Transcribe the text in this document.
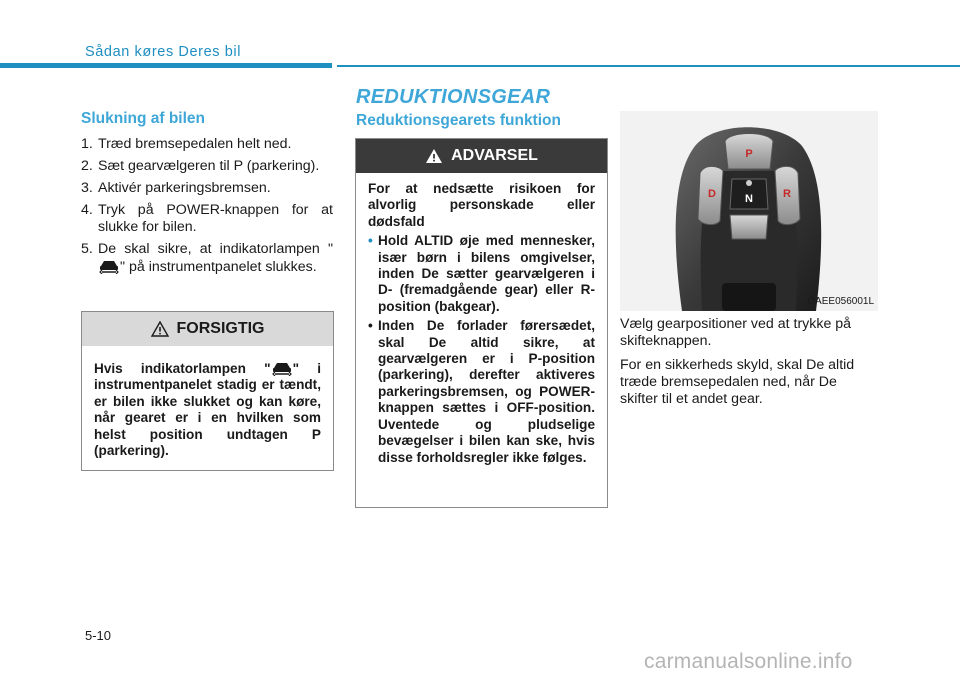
Sådan køres Deres bil
REDUKTIONSGEAR
Slukning af bilen
1. Træd bremsepedalen helt ned.
2. Sæt gearvælgeren til P (parkering).
3. Aktivér parkeringsbremsen.
4. Tryk på POWER-knappen for at slukke for bilen.
5. De skal sikre, at indikatorlampen "" på instrumentpanelet slukkes.
FORSIGTIG
Hvis indikatorlampen " " i instrumentpanelet stadig er tændt, er bilen ikke slukket og kan køre, når gearet er i en hvilken som helst position undtagen P (parkering).
Reduktionsgearets funktion
ADVARSEL
For at nedsætte risikoen for alvorlig personskade eller dødsfald
• Hold ALTID øje med mennesker, især børn i bilens omgivelser, inden De sætter gearvælgeren i D- (fremadgående gear) eller R-position (bakgear).
• Inden De forlader førersædet, skal De altid sikre, at gearvælgeren er i P-position (parkering), derefter aktiveres parkeringsbremsen, og POWER-knappen sættes i OFF-position. Uventede og pludselige bevægelser i bilen kan ske, hvis disse forholdsregler ikke følges.
P
D	N	R
OAEE056001L

Vælg gearpositioner ved at trykke på skifteknappen.

For en sikkerheds skyld, skal De altid træde bremsepedalen ned, når De skifter til et andet gear.

5-10
carmanualsonline.info
